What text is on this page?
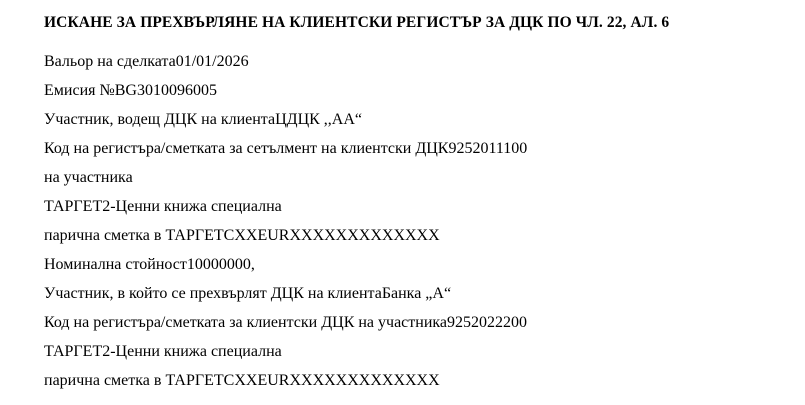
ИСКАНЕ ЗА ПРЕХВЪРЛЯНЕ НА КЛИЕНТСКИ РЕГИСТЪР ЗА ДЦК ПО ЧЛ. 22, АЛ. 6
Вальор на сделката01/01/2026
Емисия №BG3010096005
Участник, водещ ДЦК на клиентаЦДЦК ,,АА“
Код на регистъра/сметката за сетълмент на клиентски ДЦК9252011100
на участника
ТАРГЕТ2-Ценни книжа специална
парична сметка в ТАРГЕТCXXEURXXXXXXXXXXXXX
Номинална стойност10000000,
Участник, в който се прехвърлят ДЦК на клиентаБанка „А“
Код на регистъра/сметката за клиентски ДЦК на участника9252022200
ТАРГЕТ2-Ценни книжа специална
парична сметка в ТАРГЕТCXXEURXXXXXXXXXXXXX
